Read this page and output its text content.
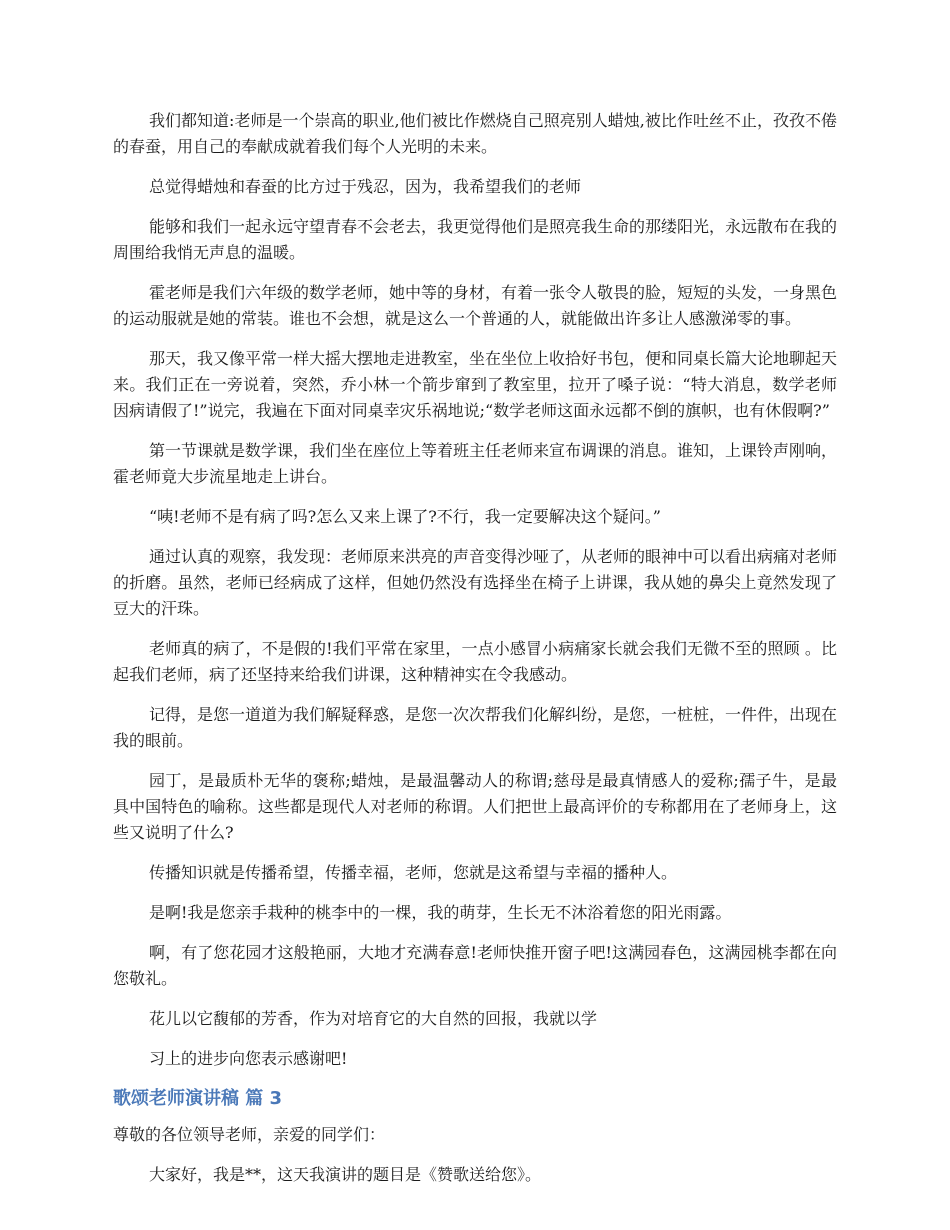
我们都知道:老师是一个崇高的职业,他们被比作燃烧自己照亮别人蜡烛,被比作吐丝不止，孜孜不倦的春蚕，用自己的奉献成就着我们每个人光明的未来。

总觉得蜡烛和春蚕的比方过于残忍，因为，我希望我们的老师

能够和我们一起永远守望青春不会老去，我更觉得他们是照亮我生命的那缕阳光，永远散布在我的周围给我悄无声息的温暖。

霍老师是我们六年级的数学老师，她中等的身材，有着一张令人敬畏的脸，短短的头发，一身黑色的运动服就是她的常装。谁也不会想，就是这么一个普通的人，就能做出许多让人感激涕零的事。

那天，我又像平常一样大摇大摆地走进教室，坐在坐位上收拾好书包，便和同桌长篇大论地聊起天来。我们正在一旁说着，突然，乔小林一个箭步窜到了教室里，拉开了嗓子说：“特大消息，数学老师因病请假了!”说完，我遍在下面对同桌幸灾乐祸地说;“数学老师这面永远都不倒的旗帜，也有休假啊?”

第一节课就是数学课，我们坐在座位上等着班主任老师来宣布调课的消息。谁知，上课铃声刚响，霍老师竟大步流星地走上讲台。

“咦!老师不是有病了吗?怎么又来上课了?不行，我一定要解决这个疑问。”

通过认真的观察，我发现：老师原来洪亮的声音变得沙哑了，从老师的眼神中可以看出病痛对老师的折磨。虽然，老师已经病成了这样，但她仍然没有选择坐在椅子上讲课，我从她的鼻尖上竟然发现了豆大的汗珠。

老师真的病了，不是假的!我们平常在家里，一点小感冒小病痛家长就会我们无微不至的照顾 。比起我们老师，病了还坚持来给我们讲课，这种精神实在令我感动。

记得，是您一道道为我们解疑释惑，是您一次次帮我们化解纠纷，是您，一桩桩，一件件，出现在我的眼前。

园丁，是最质朴无华的褒称;蜡烛，是最温馨动人的称谓;慈母是最真情感人的爱称;孺子牛，是最具中国特色的喻称。这些都是现代人对老师的称谓。人们把世上最高评价的专称都用在了老师身上，这些又说明了什么?

传播知识就是传播希望，传播幸福，老师，您就是这希望与幸福的播种人。

是啊!我是您亲手栽种的桃李中的一棵，我的萌芽，生长无不沐浴着您的阳光雨露。

啊，有了您花园才这般艳丽，大地才充满春意!老师快推开窗子吧!这满园春色，这满园桃李都在向您敬礼。

花儿以它馥郁的芳香，作为对培育它的大自然的回报，我就以学

习上的进步向您表示感谢吧!

歌颂老师演讲稿 篇 3

尊敬的各位领导老师，亲爱的同学们：

大家好，我是**，这天我演讲的题目是《赞歌送给您》。
